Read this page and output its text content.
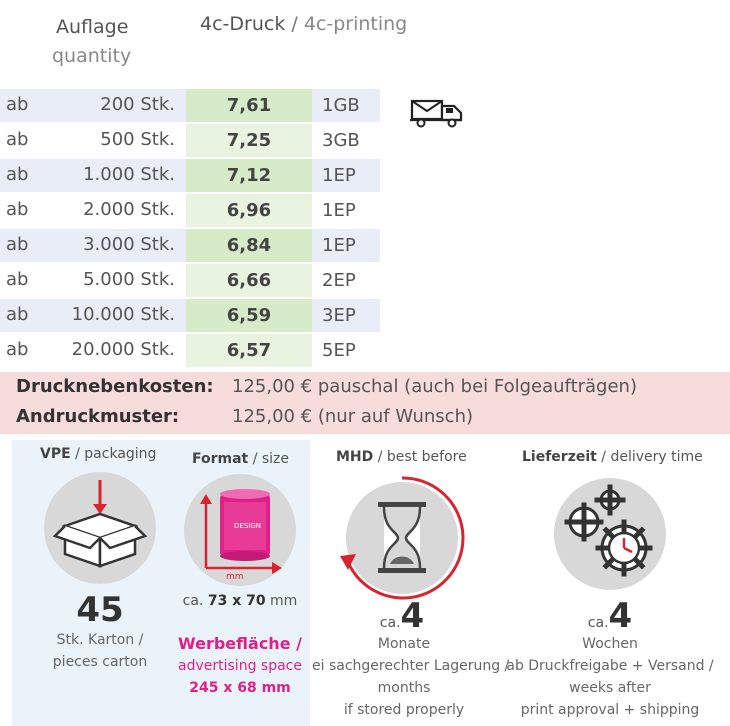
Auflage
quantity
4c-Druck / 4c-printing
ab	200 Stk.	7,61	1GB
ab	500 Stk.	7,25	3GB
ab	1.000 Stk.	7,12	1EP
ab	2.000 Stk.	6,96	1EP
ab	3.000 Stk.	6,84	1EP
ab	5.000 Stk.	6,66	2EP
ab 10.000 Stk.	6,59	3EP
ab 20.000 Stk.	6,57	5EP
Drucknebenkosten: 125,00 € pauschal (auch bei Folgeaufträgen)
Andruckmuster:	125,00 € (nur auf Wunsch)
VPE / packaging
45
Stk. Karton /
pieces carton
Format / size
DESIGN
mm
ca. 73 x 70 mm
Werbefläche /
advertising space
245 x 68 mm
MHD / best before
ca.4
Monate
ei sachgerechter Lagerung /
months
if stored properly
Lieferzeit / delivery time
ca.4
Wochen
ab Druckfreigabe + Versand /
weeks after
print approval + shipping
